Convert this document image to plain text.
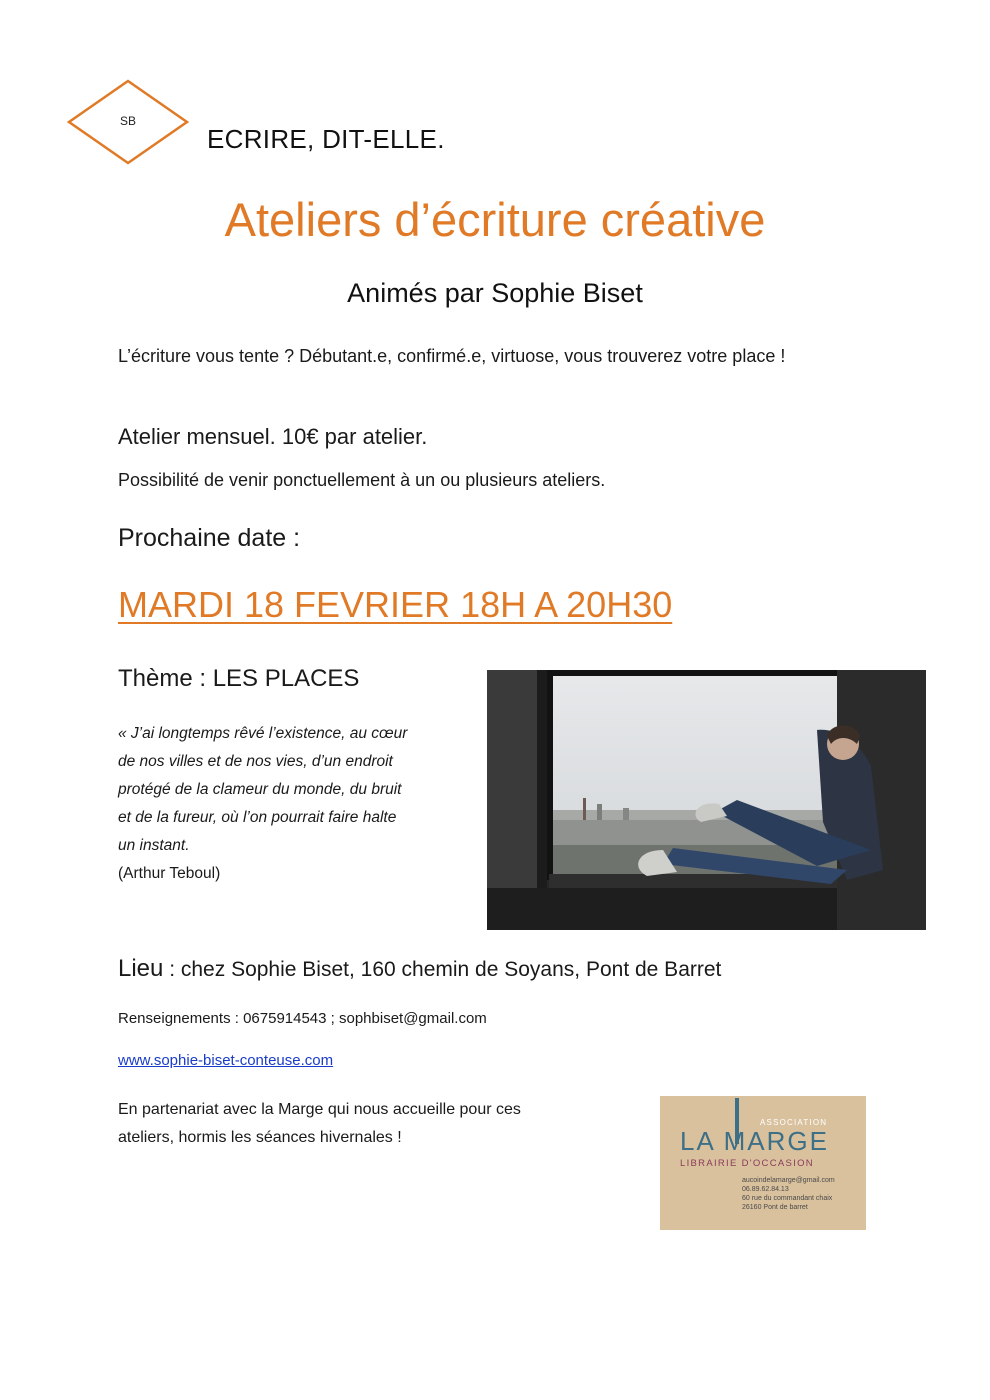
SB
ECRIRE, DIT-ELLE.
Ateliers d’écriture créative
Animés par Sophie Biset
L’écriture vous tente ? Débutant.e, confirmé.e, virtuose, vous trouverez votre place !
Atelier mensuel. 10€ par atelier.
Possibilité de venir ponctuellement à un ou plusieurs ateliers.
Prochaine date :
MARDI 18 FEVRIER 18H A 20H30
Thème : LES PLACES
« J’ai longtemps rêvé l’existence, au cœur
de nos villes et de nos vies, d’un endroit
protégé de la clameur du monde, du bruit
et de la fureur, où l’on pourrait faire halte
un instant.
(Arthur Teboul)
Lieu : chez Sophie Biset, 160 chemin de Soyans, Pont de Barret
Renseignements : 0675914543 ; sophbiset@gmail.com
www.sophie-biset-conteuse.com
En partenariat avec la Marge qui nous accueille pour ces
ateliers, hormis les séances hivernales !
ASSOCIATION
LA MARGE
LIBRAIRIE D'OCCASION
aucoindelamarge@gmail.com
06.89.62.84.13
60 rue du commandant chaix
26160 Pont de barret
